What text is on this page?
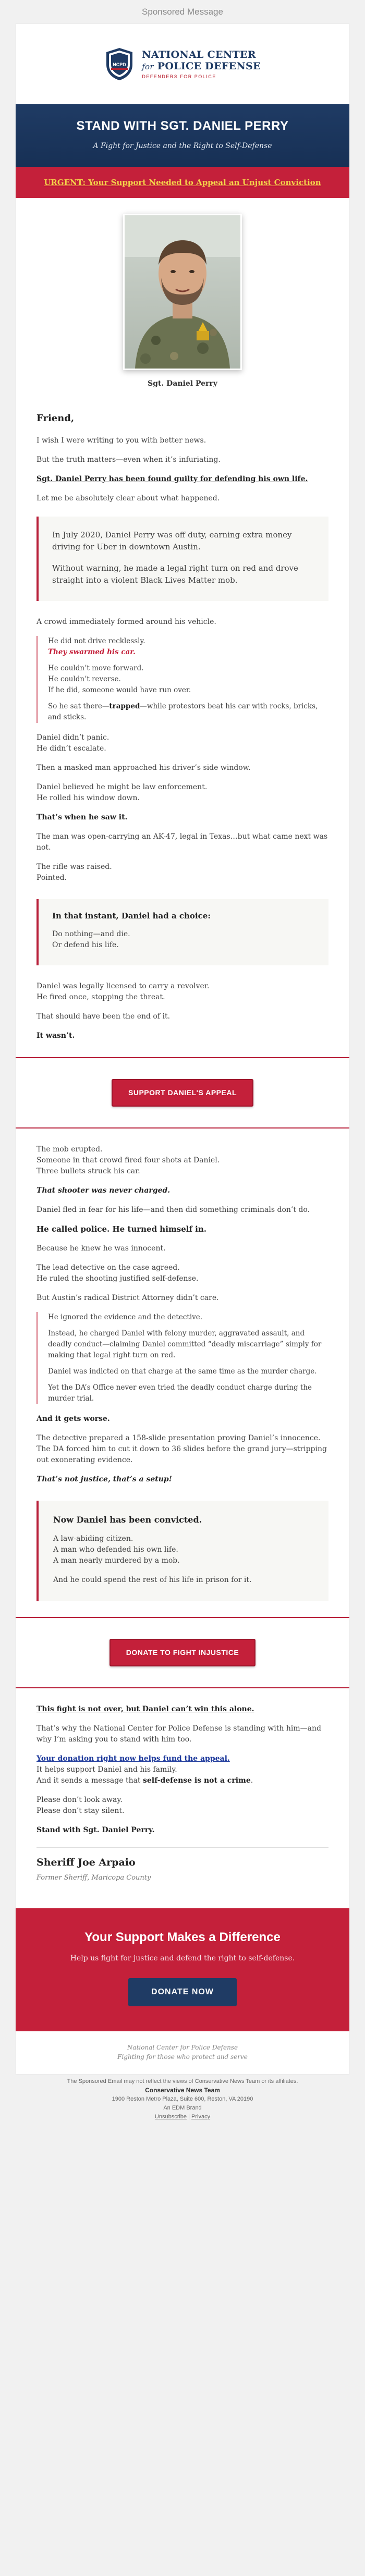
Sponsored Message
NCPD
NATIONAL CENTER
for POLICE DEFENSE
DEFENDERS FOR POLICE
STAND WITH SGT. DANIEL PERRY
A Fight for Justice and the Right to Self-Defense
URGENT: Your Support Needed to Appeal an Unjust Conviction
Sgt. Daniel Perry

Friend,

I wish I were writing to you with better news.

But the truth matters—even when it’s infuriating.

Sgt. Daniel Perry has been found guilty for defending his own life.

Let me be absolutely clear about what happened.

In July 2020, Daniel Perry was off duty, earning extra money driving for Uber in downtown Austin.

Without warning, he made a legal right turn on red and drove straight into a violent Black Lives Matter mob.

A crowd immediately formed around his vehicle.

He did not drive recklessly.
They swarmed his car.

He couldn’t move forward.
He couldn’t reverse.
If he did, someone would have run over.

So he sat there—trapped—while protestors beat his car with rocks, bricks, and sticks.

Daniel didn’t panic.
He didn’t escalate.

Then a masked man approached his driver’s side window.

Daniel believed he might be law enforcement.
He rolled his window down.

That’s when he saw it.

The man was open-carrying an AK-47, legal in Texas…but what came next was not.

The rifle was raised.
Pointed.

In that instant, Daniel had a choice:

Do nothing—and die.
Or defend his life.

Daniel was legally licensed to carry a revolver.
He fired once, stopping the threat.

That should have been the end of it.

It wasn’t.

SUPPORT DANIEL'S APPEAL

The mob erupted.
Someone in that crowd fired four shots at Daniel.
Three bullets struck his car.

That shooter was never charged.

Daniel fled in fear for his life—and then did something criminals don’t do.

He called police. He turned himself in.

Because he knew he was innocent.

The lead detective on the case agreed.
He ruled the shooting justified self-defense.

But Austin’s radical District Attorney didn’t care.

He ignored the evidence and the detective.

Instead, he charged Daniel with felony murder, aggravated assault, and deadly conduct—claiming Daniel committed “deadly miscarriage” simply for making that legal right turn on red.

Daniel was indicted on that charge at the same time as the murder charge.

Yet the DA’s Office never even tried the deadly conduct charge during the murder trial.

And it gets worse.

The detective prepared a 158-slide presentation proving Daniel’s innocence.
The DA forced him to cut it down to 36 slides before the grand jury—stripping out exonerating evidence.

That’s not justice, that’s a setup!

Now Daniel has been convicted.

A law-abiding citizen.
A man who defended his own life.
A man nearly murdered by a mob.

And he could spend the rest of his life in prison for it.

DONATE TO FIGHT INJUSTICE

This fight is not over, but Daniel can’t win this alone.

That’s why the National Center for Police Defense is standing with him—and why I’m asking you to stand with him too.

Your donation right now helps fund the appeal.
It helps support Daniel and his family.
And it sends a message that self-defense is not a crime.

Please don’t look away.
Please don’t stay silent.

Stand with Sgt. Daniel Perry.

Sheriff Joe Arpaio
Former Sheriff, Maricopa County
Your Support Makes a Difference
Help us fight for justice and defend the right to self-defense.
DONATE NOW
National Center for Police Defense
Fighting for those who protect and serve
The Sponsored Email may not reflect the views of Conservative News Team or its affiliates.
Conservative News Team
1900 Reston Metro Plaza, Suite 600, Reston, VA 20190
An EDM Brand
Unsubscribe | Privacy
